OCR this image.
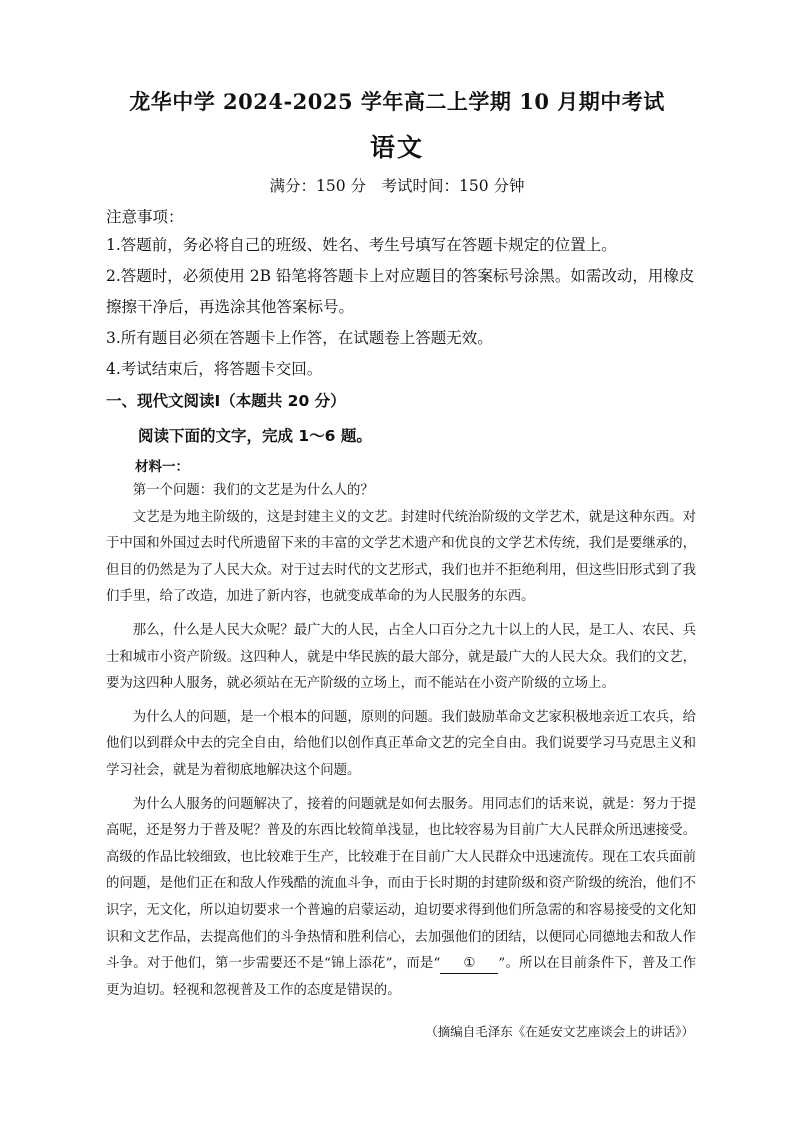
龙华中学 2024-2025 学年高二上学期 10 月期中考试
语文
满分：150 分　考试时间：150 分钟
注意事项：

1.答题前，务必将自己的班级、姓名、考生号填写在答题卡规定的位置上。

2.答题时，必须使用 2B 铅笔将答题卡上对应题目的答案标号涂黑。如需改动，用橡皮擦擦干净后，再选涂其他答案标号。

3.所有题目必须在答题卡上作答，在试题卷上答题无效。

4.考试结束后，将答题卡交回。

一、现代文阅读Ⅰ（本题共 20 分）
阅读下面的文字，完成 1～6 题。
材料一：

第一个问题：我们的文艺是为什么人的？

文艺是为地主阶级的，这是封建主义的文艺。封建时代统治阶级的文学艺术，就是这种东西。对于中国和外国过去时代所遗留下来的丰富的文学艺术遗产和优良的文学艺术传统，我们是要继承的，但目的仍然是为了人民大众。对于过去时代的文艺形式，我们也并不拒绝利用，但这些旧形式到了我们手里，给了改造，加进了新内容，也就变成革命的为人民服务的东西。

那么，什么是人民大众呢？最广大的人民，占全人口百分之九十以上的人民，是工人、农民、兵士和城市小资产阶级。这四种人，就是中华民族的最大部分，就是最广大的人民大众。我们的文艺，要为这四种人服务，就必须站在无产阶级的立场上，而不能站在小资产阶级的立场上。

为什么人的问题，是一个根本的问题，原则的问题。我们鼓励革命文艺家积极地亲近工农兵，给他们以到群众中去的完全自由，给他们以创作真正革命文艺的完全自由。我们说要学习马克思主义和学习社会，就是为着彻底地解决这个问题。

为什么人服务的问题解决了，接着的问题就是如何去服务。用同志们的话来说，就是：努力于提高呢，还是努力于普及呢？普及的东西比较简单浅显，也比较容易为目前广大人民群众所迅速接受。高级的作品比较细致，也比较难于生产，比较难于在目前广大人民群众中迅速流传。现在工农兵面前的问题，是他们正在和敌人作残酷的流血斗争，而由于长时期的封建阶级和资产阶级的统治，他们不识字，无文化，所以迫切要求一个普遍的启蒙运动，迫切要求得到他们所急需的和容易接受的文化知识和文艺作品，去提高他们的斗争热情和胜利信心，去加强他们的团结，以便同心同德地去和敌人作斗争。对于他们，第一步需要还不是“锦上添花”，而是“ ① ”。所以在目前条件下，普及工作更为迫切。轻视和忽视普及工作的态度是错误的。

（摘编自毛泽东《在延安文艺座谈会上的讲话》）
